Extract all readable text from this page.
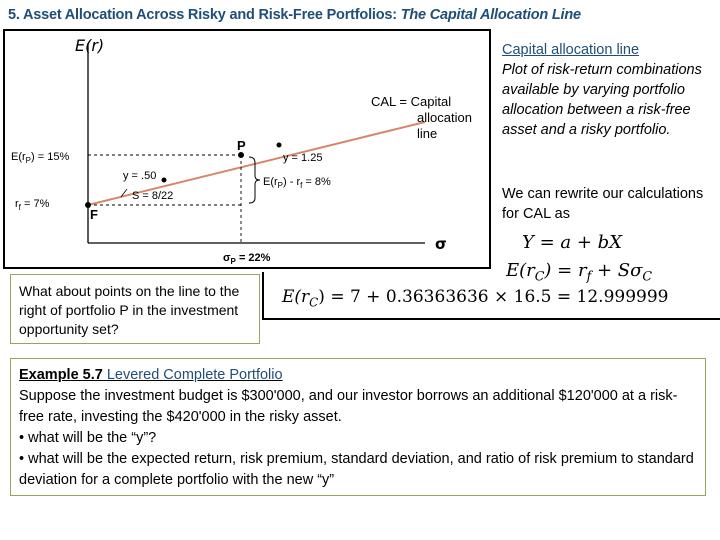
5. Asset Allocation Across Risky and Risk-Free Portfolios: The Capital Allocation Line
E(r)
σ
CAL = Capital
allocation
line
P
F
$E(r_P) = 15\%$
$r_f = 7\%$
$\sigma_P = 22\%$
y = .50
y = 1.25
S = 8/22
$E(r_P) - r_f = 8\%$
Capital allocation line
Plot of risk-return combinations available by varying portfolio allocation between a risk-free asset and a risky portfolio.
We can rewrite our calculations for CAL as
Y = a + bX
$E(r_C) = r_f + S\sigma_C$
$E(r_C) = 7 + 0.36363636 \times 16.5 = 12.999999$
What about points on the line to the right of portfolio P in the investment opportunity set?

Example 5.7 Levered Complete Portfolio

Suppose the investment budget is $300'000, and our investor borrows an additional $120'000 at a risk-free rate, investing the $420'000 in the risky asset.

• what will be the “y”?

• what will be the expected return, risk premium, standard deviation, and ratio of risk premium to standard deviation for a complete portfolio with the new “y”
